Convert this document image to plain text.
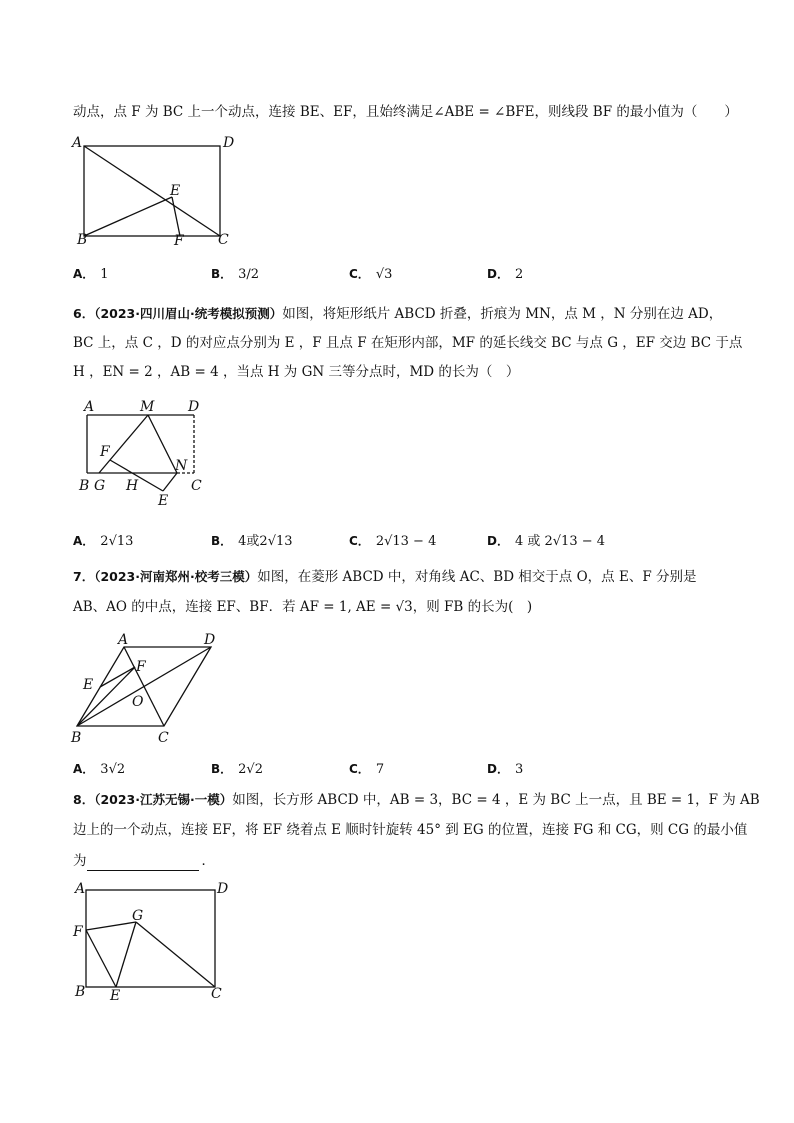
动点，点 F 为 BC 上一个动点，连接 BE、EF，且始终满足∠ABE = ∠BFE，则线段 BF 的最小值为（　　）
A	D
E
B	F C
A． 1	B． 3/2	C． √3	D． 2
6．（2023·四川眉山·统考模拟预测）如图，将矩形纸片 ABCD 折叠，折痕为 MN，点 M ，N 分别在边 AD，
BC 上，点 C ，D 的对应点分别为 E ，F 且点 F 在矩形内部，MF 的延长线交 BC 与点 G ，EF 交边 BC 于点
H ，EN = 2 ，AB = 4 ，当点 H 为 GN 三等分点时，MD 的长为（　）
A	M D
F
N
B G H	C
E
A． 2√13	B． 4或2√13	C． 2√13 − 4	D． 4 或 2√13 − 4
7．（2023·河南郑州·校考三模）如图，在菱形 ABCD 中，对角线 AC、BD 相交于点 O，点 E、F 分别是
AB、AO 的中点，连接 EF、BF．若 AF = 1, AE = √3，则 FB 的长为(　)
A	D
F
E
O
B	C
A． 3√2	B． 2√2	C． 7	D． 3
8．（2023·江苏无锡·一模）如图，长方形 ABCD 中，AB = 3，BC = 4 ，E 为 BC 上一点，且 BE = 1，F 为 AB
边上的一个动点，连接 EF，将 EF 绕着点 E 顺时针旋转 45° 到 EG 的位置，连接 FG 和 CG，则 CG 的最小值
为	．
A	D
G
F
B E	C
